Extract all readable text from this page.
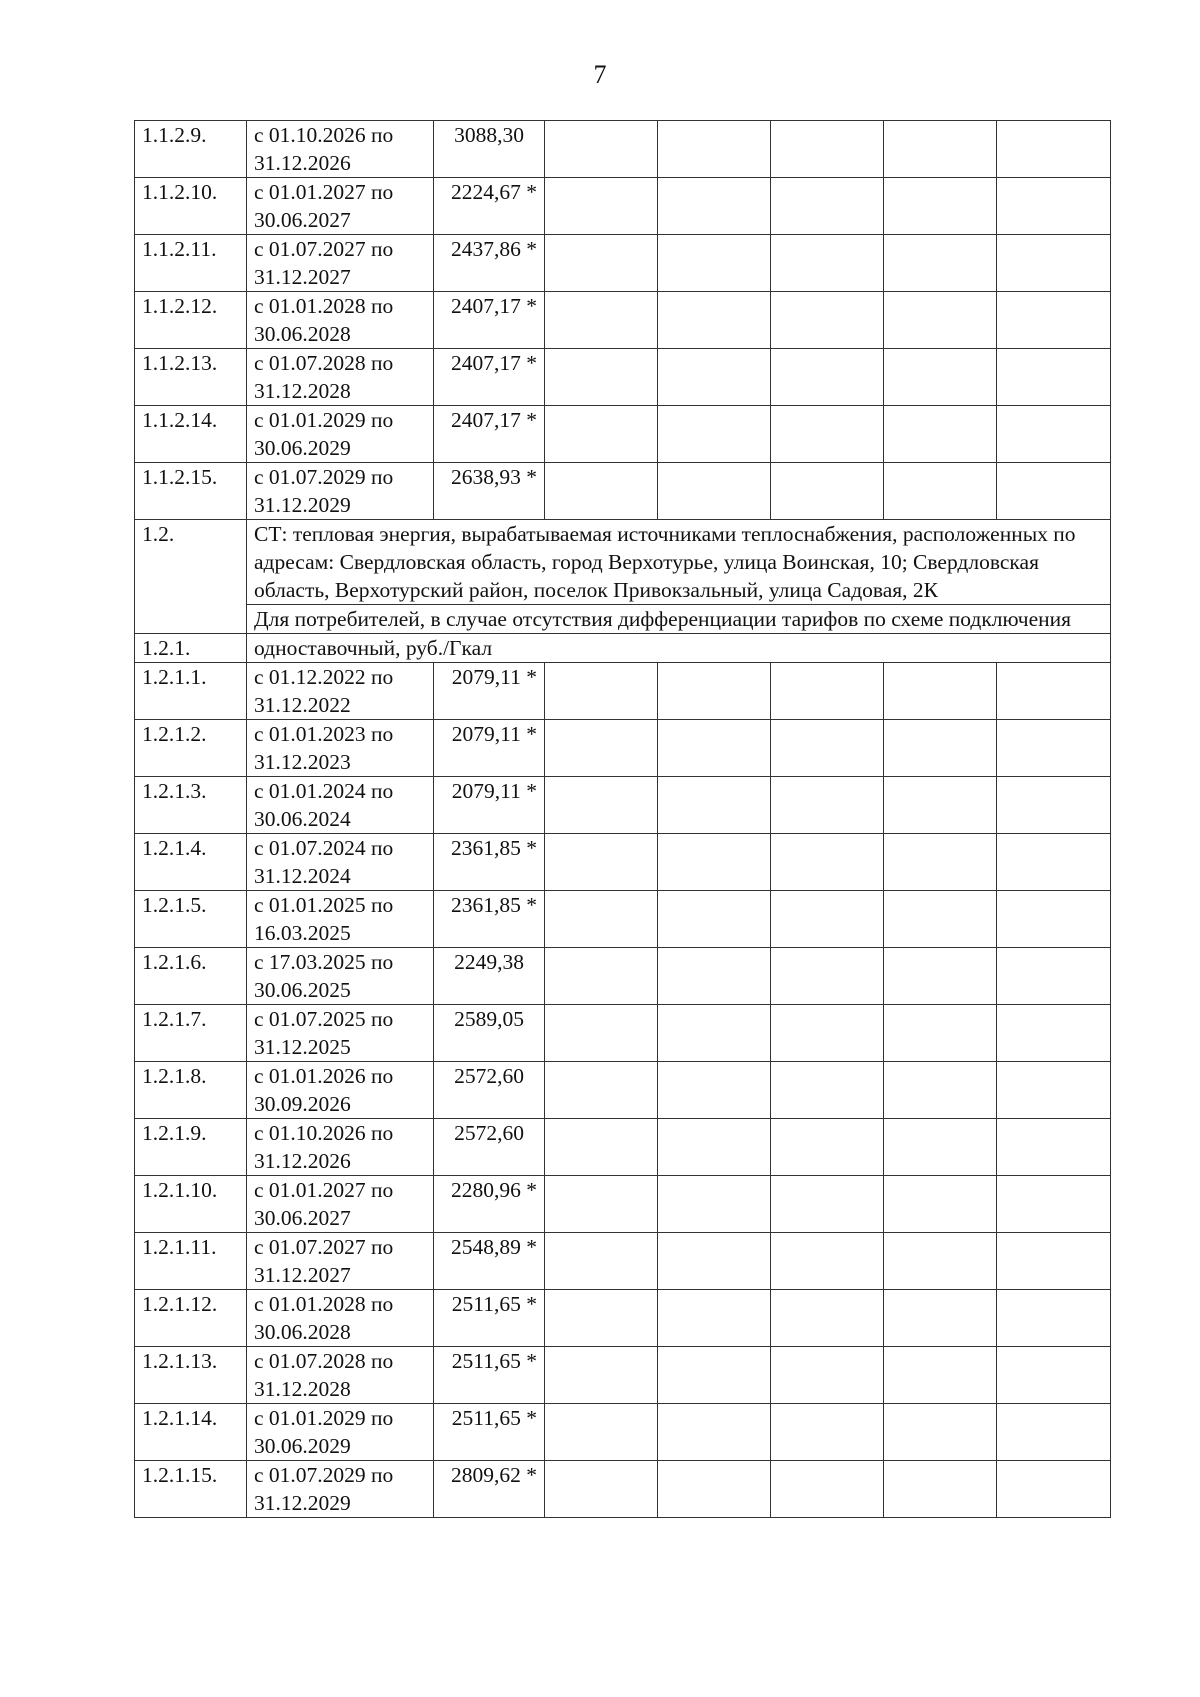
7
1.1.2.9.	с 01.10.2026 по 31.12.2026	3088,30					
1.1.2.10.	с 01.01.2027 по 30.06.2027	2224,67 *					
1.1.2.11.	с 01.07.2027 по 31.12.2027	2437,86 *					
1.1.2.12.	с 01.01.2028 по 30.06.2028	2407,17 *					
1.1.2.13.	с 01.07.2028 по 31.12.2028	2407,17 *					
1.1.2.14.	с 01.01.2029 по 30.06.2029	2407,17 *					
1.1.2.15.	с 01.07.2029 по 31.12.2029	2638,93 *					
1.2.	СТ: тепловая энергия, вырабатываемая источниками теплоснабжения, расположенных по адресам: Свердловская область, город Верхотурье, улица Воинская, 10; Свердловская область, Верхотурский район, поселок Привокзальный, улица Садовая, 2К						
	Для потребителей, в случае отсутствия дифференциации тарифов по схеме подключения						
1.2.1.	одноставочный, руб./Гкал						
1.2.1.1.	с 01.12.2022 по 31.12.2022	2079,11 *					
1.2.1.2.	с 01.01.2023 по 31.12.2023	2079,11 *					
1.2.1.3.	с 01.01.2024 по 30.06.2024	2079,11 *					
1.2.1.4.	с 01.07.2024 по 31.12.2024	2361,85 *					
1.2.1.5.	с 01.01.2025 по 16.03.2025	2361,85 *					
1.2.1.6.	с 17.03.2025 по 30.06.2025	2249,38					
1.2.1.7.	с 01.07.2025 по 31.12.2025	2589,05					
1.2.1.8.	с 01.01.2026 по 30.09.2026	2572,60					
1.2.1.9.	с 01.10.2026 по 31.12.2026	2572,60					
1.2.1.10.	с 01.01.2027 по 30.06.2027	2280,96 *					
1.2.1.11.	с 01.07.2027 по 31.12.2027	2548,89 *					
1.2.1.12.	с 01.01.2028 по 30.06.2028	2511,65 *					
1.2.1.13.	с 01.07.2028 по 31.12.2028	2511,65 *					
1.2.1.14.	с 01.01.2029 по 30.06.2029	2511,65 *					
1.2.1.15.	с 01.07.2029 по 31.12.2029	2809,62 *					
